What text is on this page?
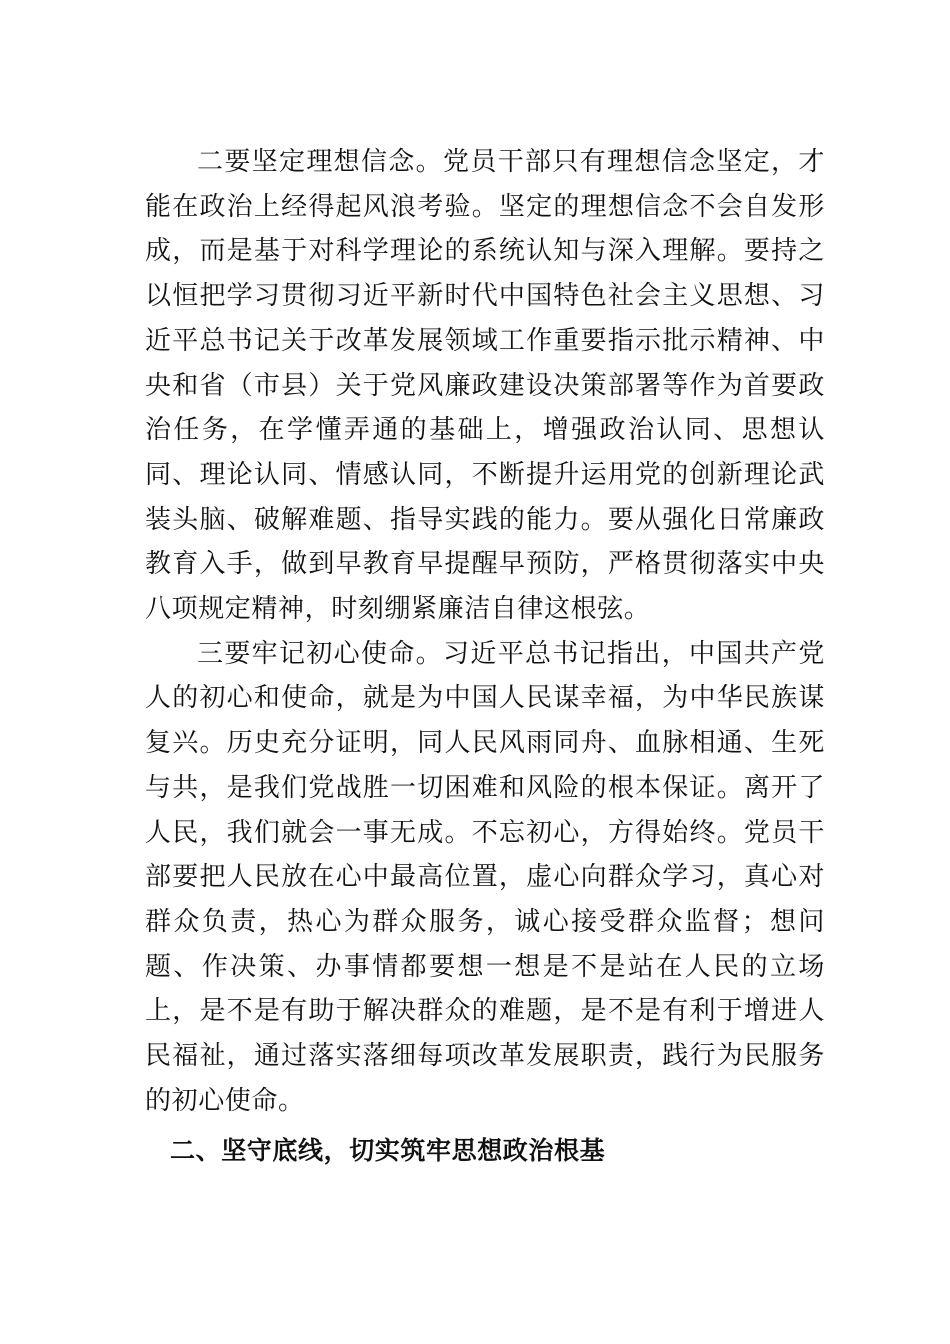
二要坚定理想信念。党员干部只有理想信念坚定，才能在政治上经得起风浪考验。坚定的理想信念不会自发形成，而是基于对科学理论的系统认知与深入理解。要持之以恒把学习贯彻习近平新时代中国特色社会主义思想、习近平总书记关于改革发展领域工作重要指示批示精神、中央和省（市县）关于党风廉政建设决策部署等作为首要政治任务，在学懂弄通的基础上，增强政治认同、思想认同、理论认同、情感认同，不断提升运用党的创新理论武装头脑、破解难题、指导实践的能力。要从强化日常廉政教育入手，做到早教育早提醒早预防，严格贯彻落实中央八项规定精神，时刻绷紧廉洁自律这根弦。

三要牢记初心使命。习近平总书记指出，中国共产党人的初心和使命，就是为中国人民谋幸福，为中华民族谋复兴。历史充分证明，同人民风雨同舟、血脉相通、生死与共，是我们党战胜一切困难和风险的根本保证。离开了人民，我们就会一事无成。不忘初心，方得始终。党员干部要把人民放在心中最高位置，虚心向群众学习，真心对群众负责，热心为群众服务，诚心接受群众监督；想问题、作决策、办事情都要想一想是不是站在人民的立场上，是不是有助于解决群众的难题，是不是有利于增进人民福祉，通过落实落细每项改革发展职责，践行为民服务的初心使命。

二、坚守底线，切实筑牢思想政治根基
